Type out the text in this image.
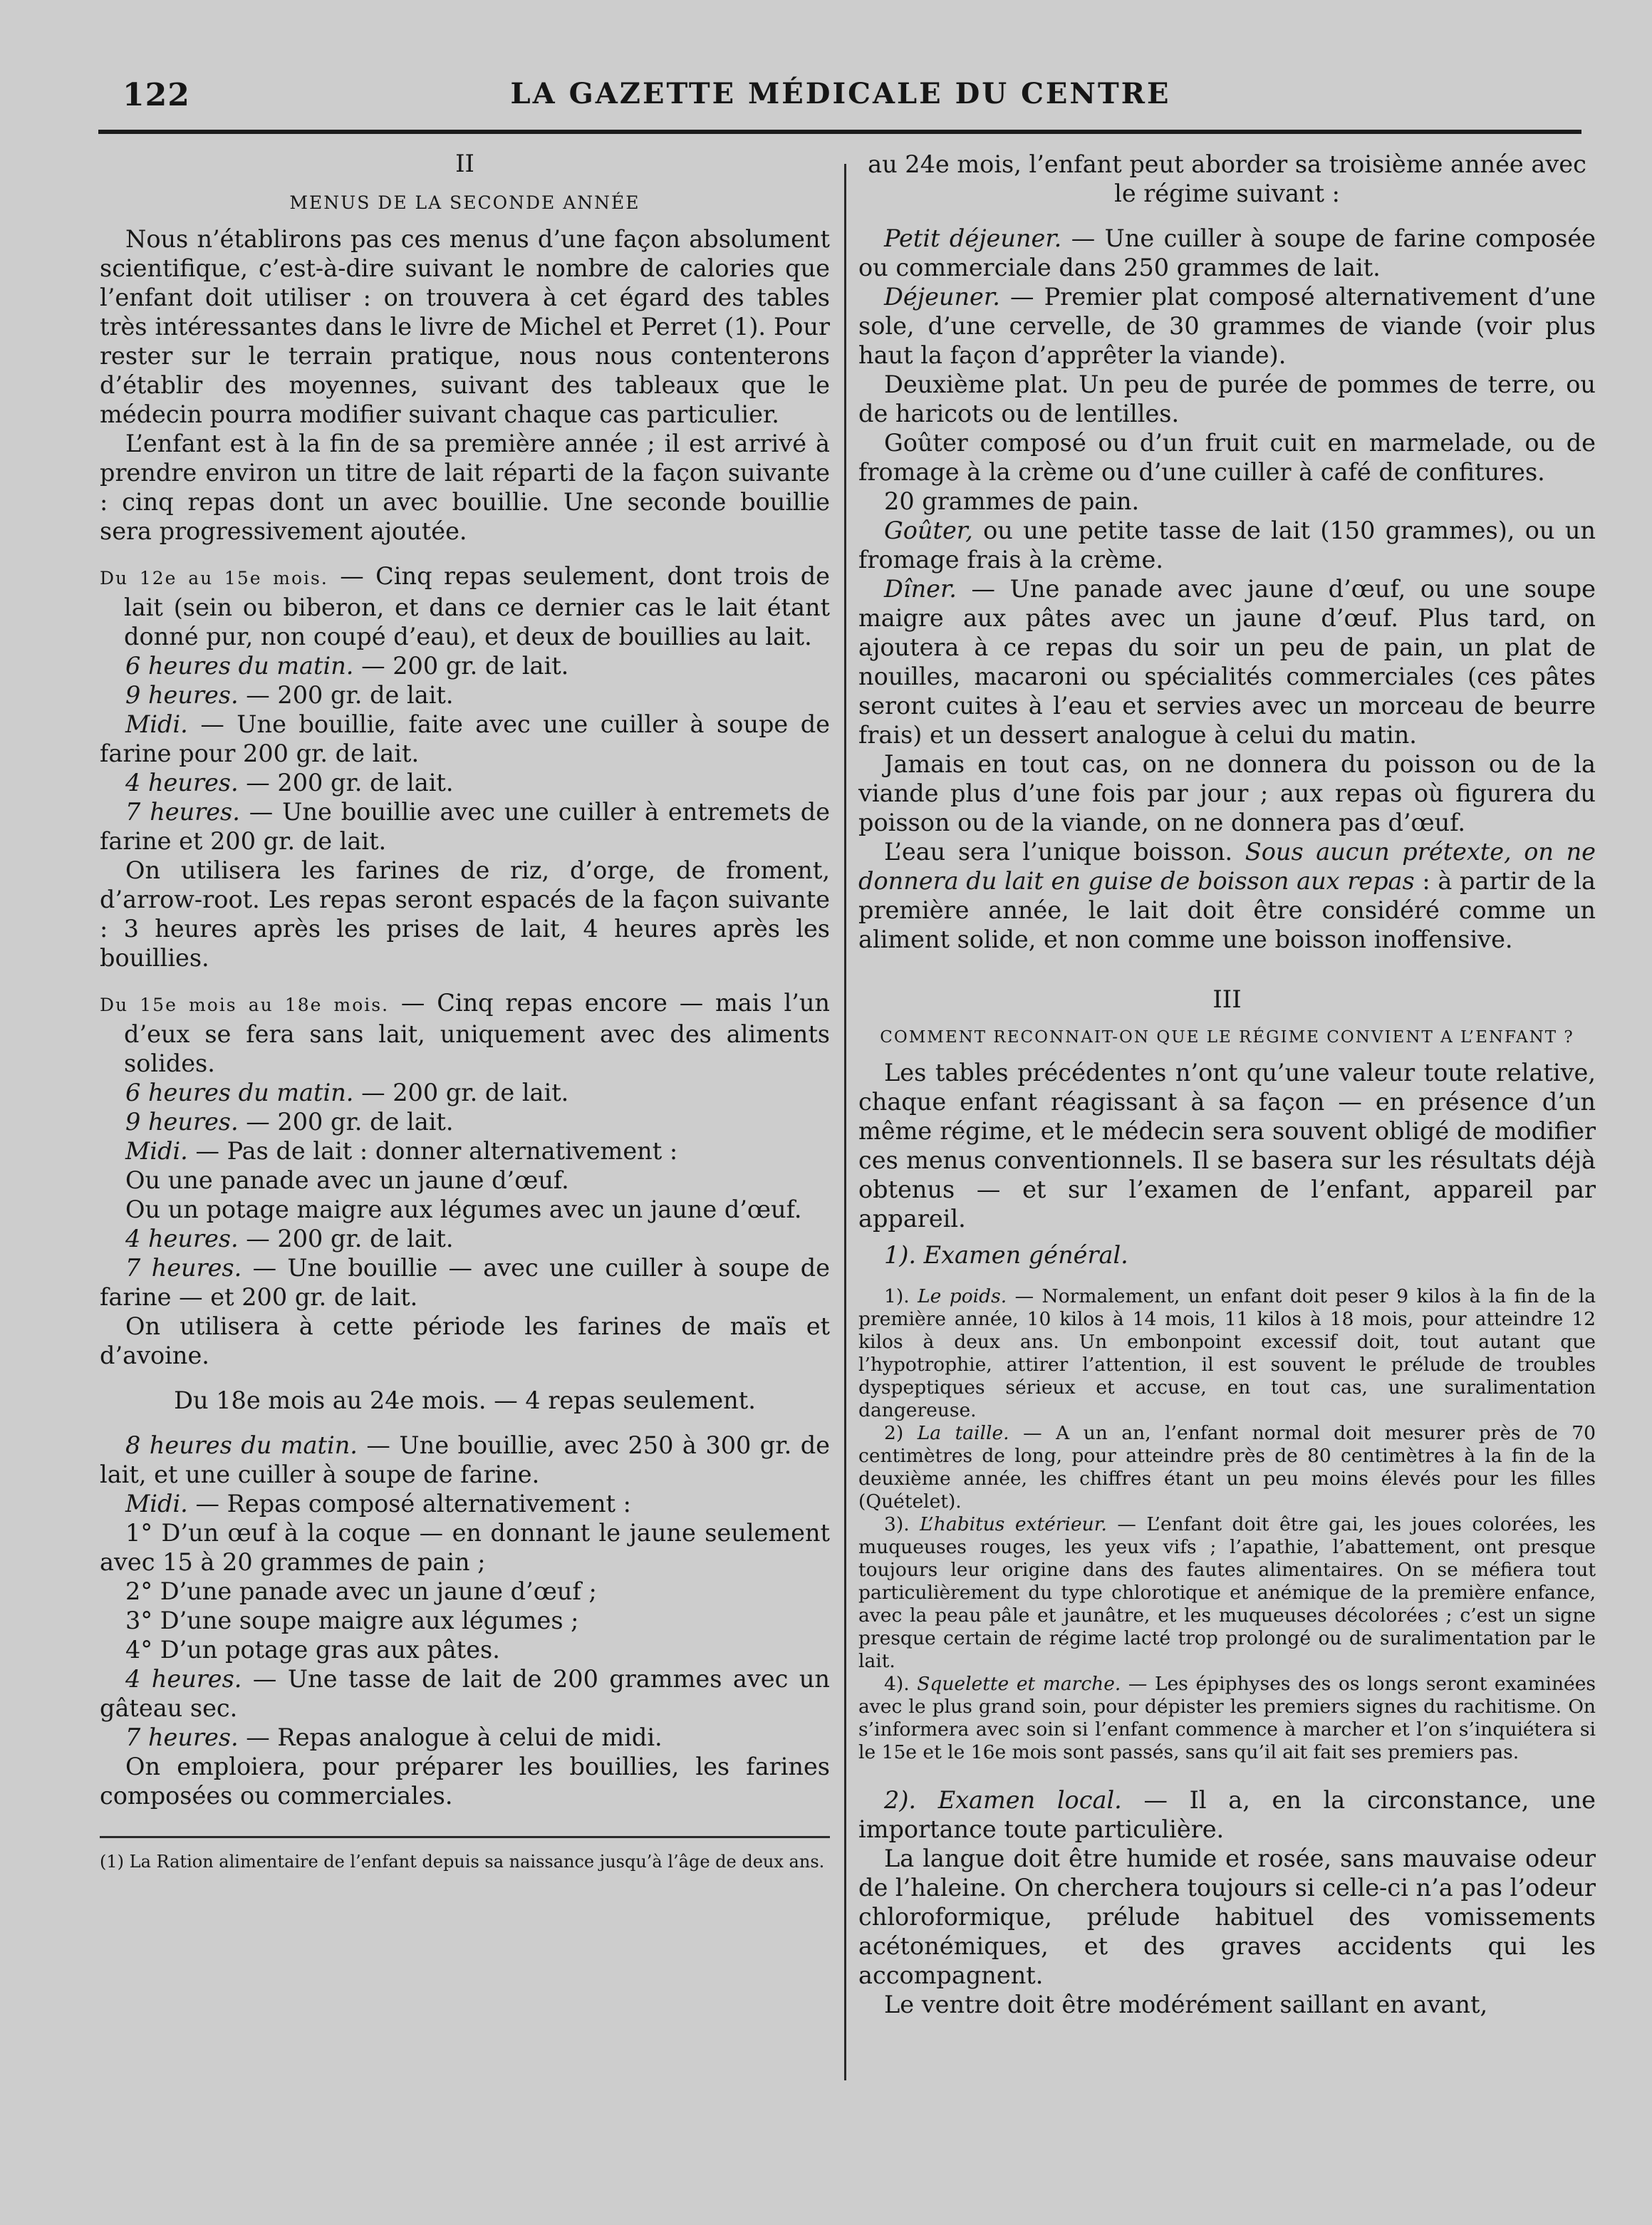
122	LA GAZETTE MÉDICALE DU CENTRE
II
MENUS DE LA SECONDE ANNÉE

Nous n’établirons pas ces menus d’une façon absolument scientifique, c’est-à-dire suivant le nombre de calories que l’enfant doit utiliser : on trouvera à cet égard des tables très intéressantes dans le livre de Michel et Perret (1). Pour rester sur le terrain pratique, nous nous contenterons d’établir des moyennes, suivant des tableaux que le médecin pourra modifier suivant chaque cas particulier.

L’enfant est à la fin de sa première année ; il est arrivé à prendre environ un titre de lait réparti de la façon suivante : cinq repas dont un avec bouillie. Une seconde bouillie sera progressivement ajoutée.

Du 12e au 15e mois. — Cinq repas seulement, dont trois de lait (sein ou biberon, et dans ce dernier cas le lait étant donné pur, non coupé d’eau), et deux de bouillies au lait.

6 heures du matin. — 200 gr. de lait.

9 heures. — 200 gr. de lait.

Midi. — Une bouillie, faite avec une cuiller à soupe de farine pour 200 gr. de lait.

4 heures. — 200 gr. de lait.

7 heures. — Une bouillie avec une cuiller à entremets de farine et 200 gr. de lait.

On utilisera les farines de riz, d’orge, de froment, d’arrow-root. Les repas seront espacés de la façon suivante : 3 heures après les prises de lait, 4 heures après les bouillies.

Du 15e mois au 18e mois. — Cinq repas encore — mais l’un d’eux se fera sans lait, uniquement avec des aliments solides.

6 heures du matin. — 200 gr. de lait.

9 heures. — 200 gr. de lait.

Midi. — Pas de lait : donner alternativement :

Ou une panade avec un jaune d’œuf.

Ou un potage maigre aux légumes avec un jaune d’œuf.

4 heures. — 200 gr. de lait.

7 heures. — Une bouillie — avec une cuiller à soupe de farine — et 200 gr. de lait.

On utilisera à cette période les farines de maïs et d’avoine.

Du 18e mois au 24e mois. — 4 repas seulement.

8 heures du matin. — Une bouillie, avec 250 à 300 gr. de lait, et une cuiller à soupe de farine.

Midi. — Repas composé alternativement :

1° D’un œuf à la coque — en donnant le jaune seulement avec 15 à 20 grammes de pain ;

2° D’une panade avec un jaune d’œuf ;

3° D’une soupe maigre aux légumes ;

4° D’un potage gras aux pâtes.

4 heures. — Une tasse de lait de 200 grammes avec un gâteau sec.

7 heures. — Repas analogue à celui de midi.

On emploiera, pour préparer les bouillies, les farines composées ou commerciales.

(1) La Ration alimentaire de l’enfant depuis sa naissance jusqu’à l’âge de deux ans.

au 24e mois, l’enfant peut aborder sa troisième année avec le régime suivant :

Petit déjeuner. — Une cuiller à soupe de farine composée ou commerciale dans 250 grammes de lait.

Déjeuner. — Premier plat composé alternativement d’une sole, d’une cervelle, de 30 grammes de viande (voir plus haut la façon d’apprêter la viande).

Deuxième plat. Un peu de purée de pommes de terre, ou de haricots ou de lentilles.

Goûter composé ou d’un fruit cuit en marmelade, ou de fromage à la crème ou d’une cuiller à café de confitures.

20 grammes de pain.

Goûter, ou une petite tasse de lait (150 grammes), ou un fromage frais à la crème.

Dîner. — Une panade avec jaune d’œuf, ou une soupe maigre aux pâtes avec un jaune d’œuf. Plus tard, on ajoutera à ce repas du soir un peu de pain, un plat de nouilles, macaroni ou spécialités commerciales (ces pâtes seront cuites à l’eau et servies avec un morceau de beurre frais) et un dessert analogue à celui du matin.

Jamais en tout cas, on ne donnera du poisson ou de la viande plus d’une fois par jour ; aux repas où figurera du poisson ou de la viande, on ne donnera pas d’œuf.

L’eau sera l’unique boisson. Sous aucun prétexte, on ne donnera du lait en guise de boisson aux repas : à partir de la première année, le lait doit être considéré comme un aliment solide, et non comme une boisson inoffensive.

III
COMMENT RECONNAIT-ON QUE LE RÉGIME CONVIENT A L’ENFANT ?

Les tables précédentes n’ont qu’une valeur toute relative, chaque enfant réagissant à sa façon — en présence d’un même régime, et le médecin sera souvent obligé de modifier ces menus conventionnels. Il se basera sur les résultats déjà obtenus — et sur l’examen de l’enfant, appareil par appareil.

1). Examen général.

1). Le poids. — Normalement, un enfant doit peser 9 kilos à la fin de la première année, 10 kilos à 14 mois, 11 kilos à 18 mois, pour atteindre 12 kilos à deux ans. Un embonpoint excessif doit, tout autant que l’hypotrophie, attirer l’attention, il est souvent le prélude de troubles dyspeptiques sérieux et accuse, en tout cas, une suralimentation dangereuse.

2) La taille. — A un an, l’enfant normal doit mesurer près de 70 centimètres de long, pour atteindre près de 80 centimètres à la fin de la deuxième année, les chiffres étant un peu moins élevés pour les filles (Quételet).

3). L’habitus extérieur. — L’enfant doit être gai, les joues colorées, les muqueuses rouges, les yeux vifs ; l’apathie, l’abattement, ont presque toujours leur origine dans des fautes alimentaires. On se méfiera tout particulièrement du type chlorotique et anémique de la première enfance, avec la peau pâle et jaunâtre, et les muqueuses décolorées ; c’est un signe presque certain de régime lacté trop prolongé ou de suralimentation par le lait.

4). Squelette et marche. — Les épiphyses des os longs seront examinées avec le plus grand soin, pour dépister les premiers signes du rachitisme. On s’informera avec soin si l’enfant commence à marcher et l’on s’inquiétera si le 15e et le 16e mois sont passés, sans qu’il ait fait ses premiers pas.

2). Examen local. — Il a, en la circonstance, une importance toute particulière.

La langue doit être humide et rosée, sans mauvaise odeur de l’haleine. On cherchera toujours si celle-ci n’a pas l’odeur chloroformique, prélude habituel des vomissements acétonémiques, et des graves accidents qui les accompagnent.

Le ventre doit être modérément saillant en avant,
